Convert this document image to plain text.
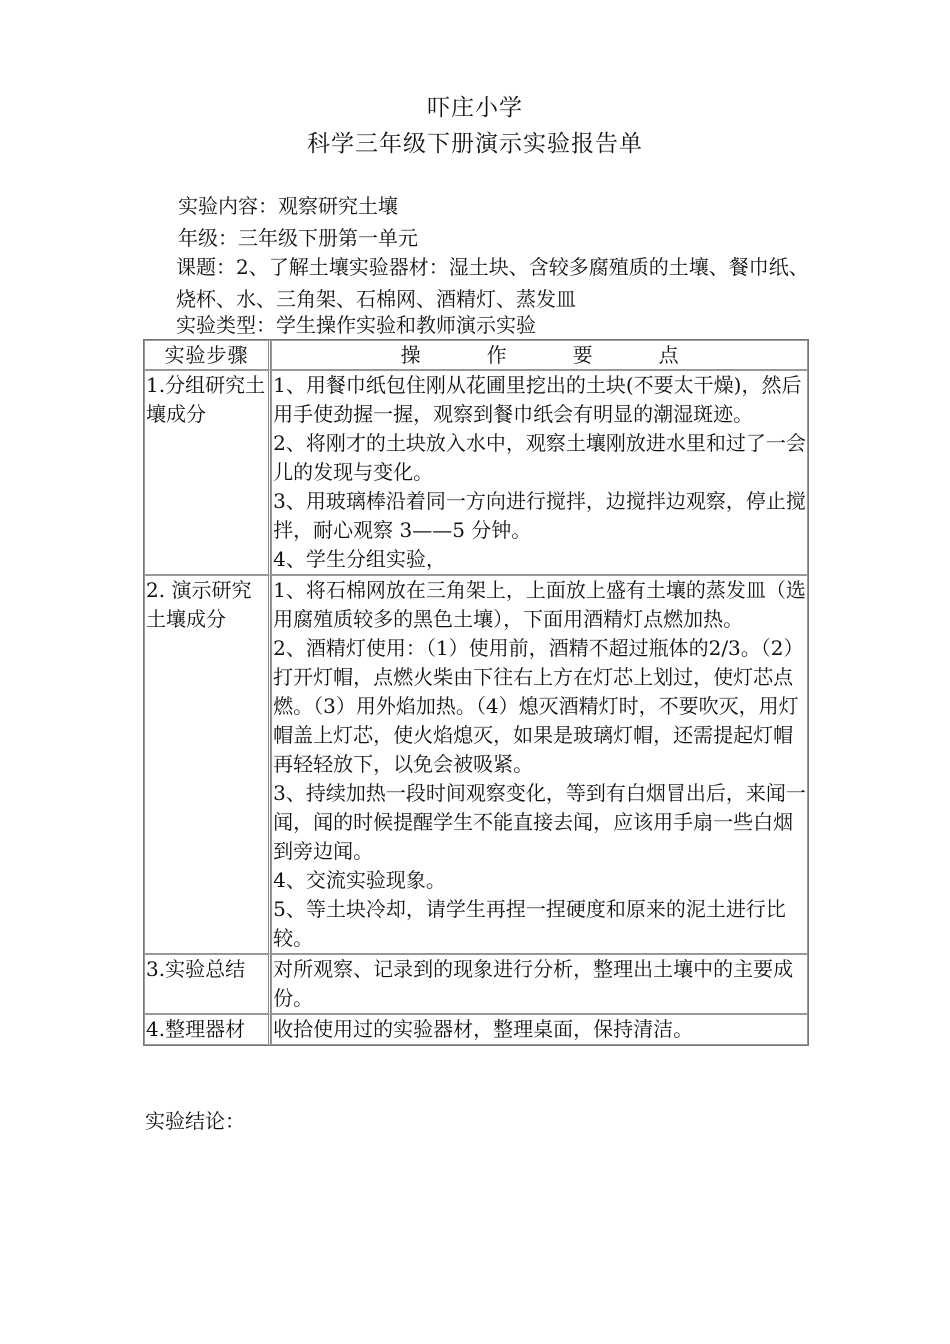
吓庄小学
科学三年级下册演示实验报告单
实验内容：观察研究土壤
年级：三年级下册第一单元
课题：2、了解土壤实验器材：湿土块、含较多腐殖质的土壤、餐巾纸、烧杯、水、三角架、石棉网、酒精灯、蒸发皿
实验类型：学生操作实验和教师演示实验
实验步骤	操 作 要 点
1.分组研究土壤成分	1、用餐巾纸包住刚从花圃里挖出的土块(不要太干燥)，然后用手使劲握一握，观察到餐巾纸会有明显的潮湿斑迹。
2、将刚才的土块放入水中，观察土壤刚放进水里和过了一会儿的发现与变化。
3、用玻璃棒沿着同一方向进行搅拌，边搅拌边观察，停止搅拌，耐心观察 3——5 分钟。
4、学生分组实验，

2. 演示研究土壤成分	1、将石棉网放在三角架上，上面放上盛有土壤的蒸发皿（选用腐殖质较多的黑色土壤），下面用酒精灯点燃加热。
2、酒精灯使用：（1）使用前，酒精不超过瓶体的2/3。（2）打开灯帽，点燃火柴由下往右上方在灯芯上划过，使灯芯点燃。（3）用外焰加热。（4）熄灭酒精灯时，不要吹灭，用灯帽盖上灯芯，使火焰熄灭，如果是玻璃灯帽，还需提起灯帽再轻轻放下，以免会被吸紧。
3、持续加热一段时间观察变化，等到有白烟冒出后，来闻一闻，闻的时候提醒学生不能直接去闻，应该用手扇一些白烟到旁边闻。
4、交流实验现象。
5、等土块冷却，请学生再捏一捏硬度和原来的泥土进行比较。

3.实验总结	对所观察、记录到的现象进行分析，整理出土壤中的主要成份。

4.整理器材	收拾使用过的实验器材，整理桌面，保持清洁。
实验结论：
